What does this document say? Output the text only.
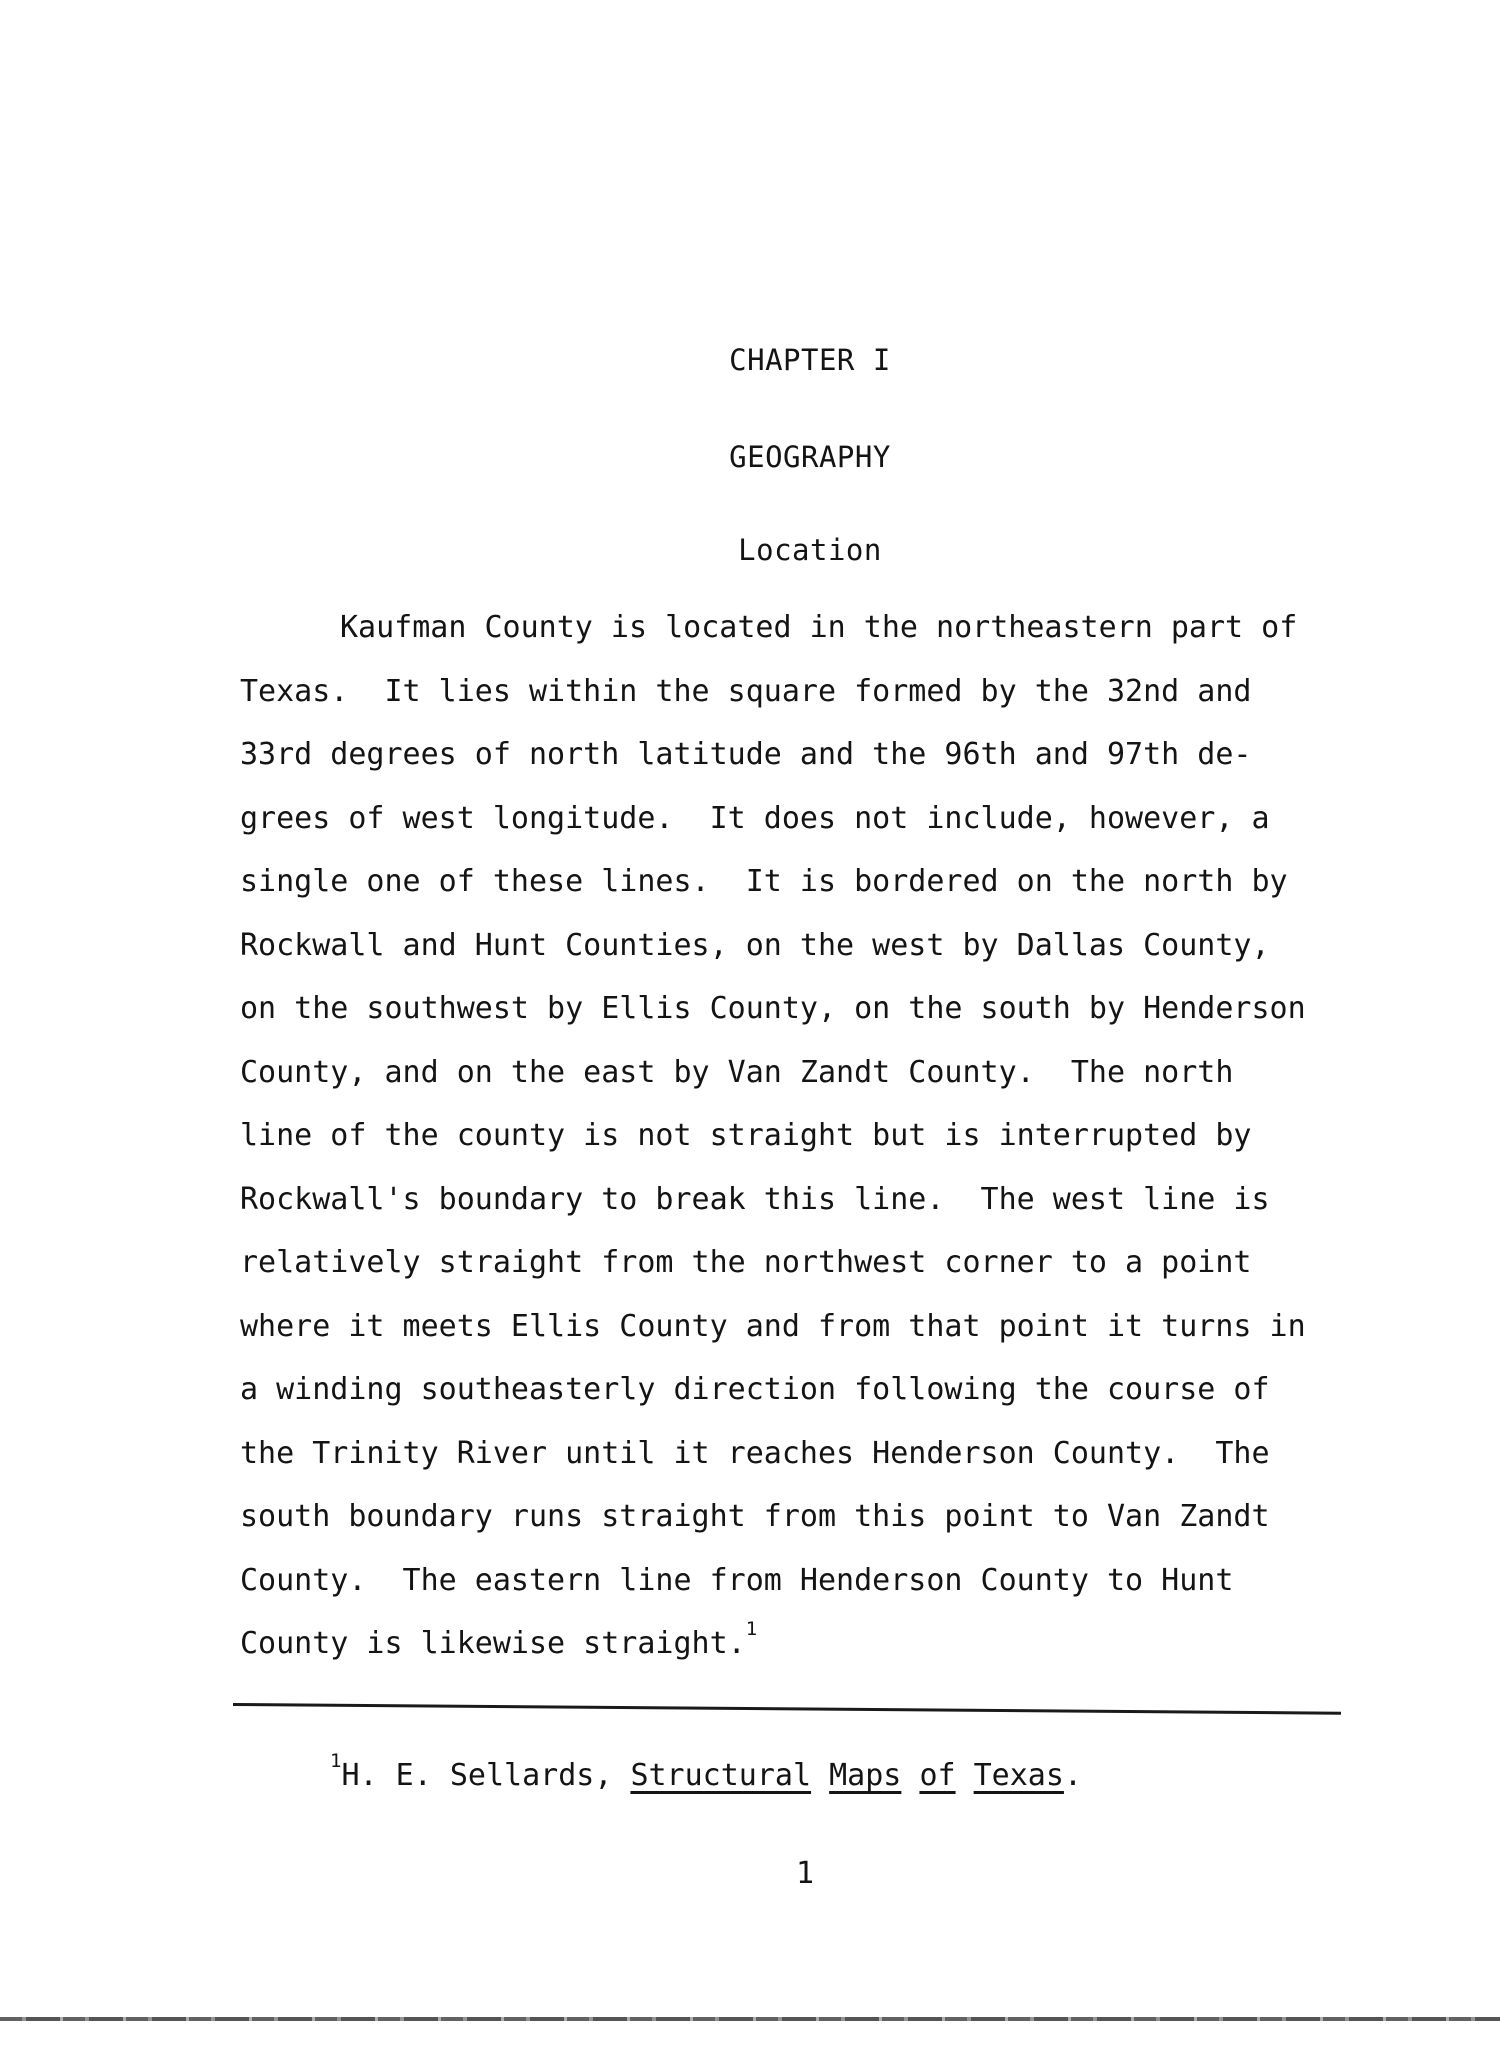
CHAPTER I
GEOGRAPHY
Location
Kaufman County is located in the northeastern part of
Texas.  It lies within the square formed by the 32nd and
33rd degrees of north latitude and the 96th and 97th de-
grees of west longitude.  It does not include, however, a
single one of these lines.  It is bordered on the north by
Rockwall and Hunt Counties, on the west by Dallas County,
on the southwest by Ellis County, on the south by Henderson
County, and on the east by Van Zandt County.  The north
line of the county is not straight but is interrupted by
Rockwall's boundary to break this line.  The west line is
relatively straight from the northwest corner to a point
where it meets Ellis County and from that point it turns in
a winding southeasterly direction following the course of
the Trinity River until it reaches Henderson County.  The
south boundary runs straight from this point to Van Zandt
County.  The eastern line from Henderson County to Hunt
County is likewise straight.$^1$
$^1$H. E. Sellards, Structural Maps of Texas.
1
